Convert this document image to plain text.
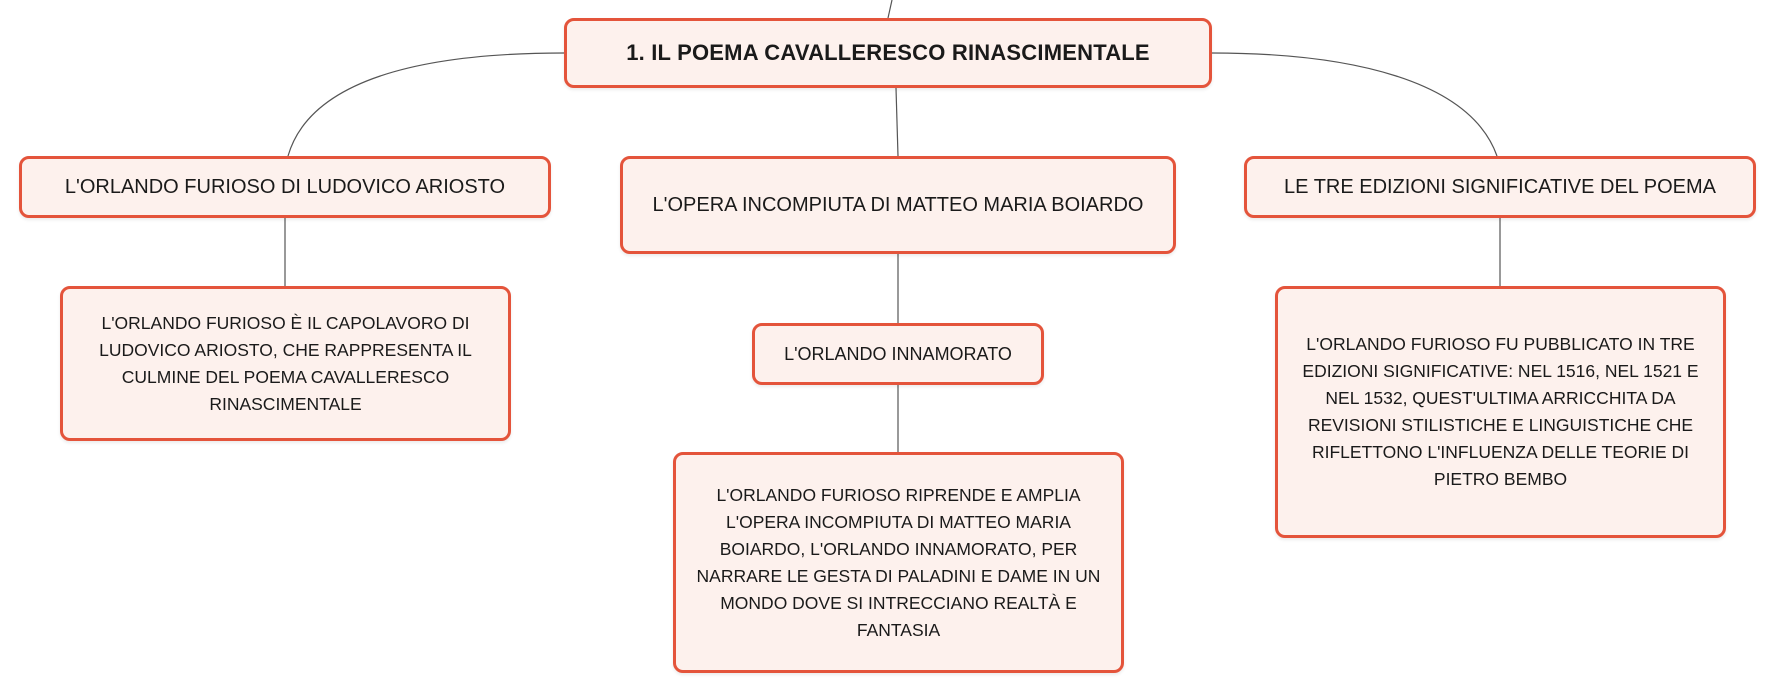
1. IL POEMA CAVALLERESCO RINASCIMENTALE
L'ORLANDO FURIOSO DI LUDOVICO ARIOSTO
L'OPERA INCOMPIUTA DI MATTEO MARIA BOIARDO
LE TRE EDIZIONI SIGNIFICATIVE DEL POEMA
L'ORLANDO INNAMORATO
L'ORLANDO FURIOSO È IL CAPOLAVORO DI LUDOVICO ARIOSTO, CHE RAPPRESENTA IL CULMINE DEL POEMA CAVALLERESCO RINASCIMENTALE
L'ORLANDO FURIOSO RIPRENDE E AMPLIA L'OPERA INCOMPIUTA DI MATTEO MARIA BOIARDO, L'ORLANDO INNAMORATO, PER NARRARE LE GESTA DI PALADINI E DAME IN UN MONDO DOVE SI INTRECCIANO REALTÀ E FANTASIA
L'ORLANDO FURIOSO FU PUBBLICATO IN TRE EDIZIONI SIGNIFICATIVE: NEL 1516, NEL 1521 E NEL 1532, QUEST'ULTIMA ARRICCHITA DA REVISIONI STILISTICHE E LINGUISTICHE CHE RIFLETTONO L'INFLUENZA DELLE TEORIE DI PIETRO BEMBO
